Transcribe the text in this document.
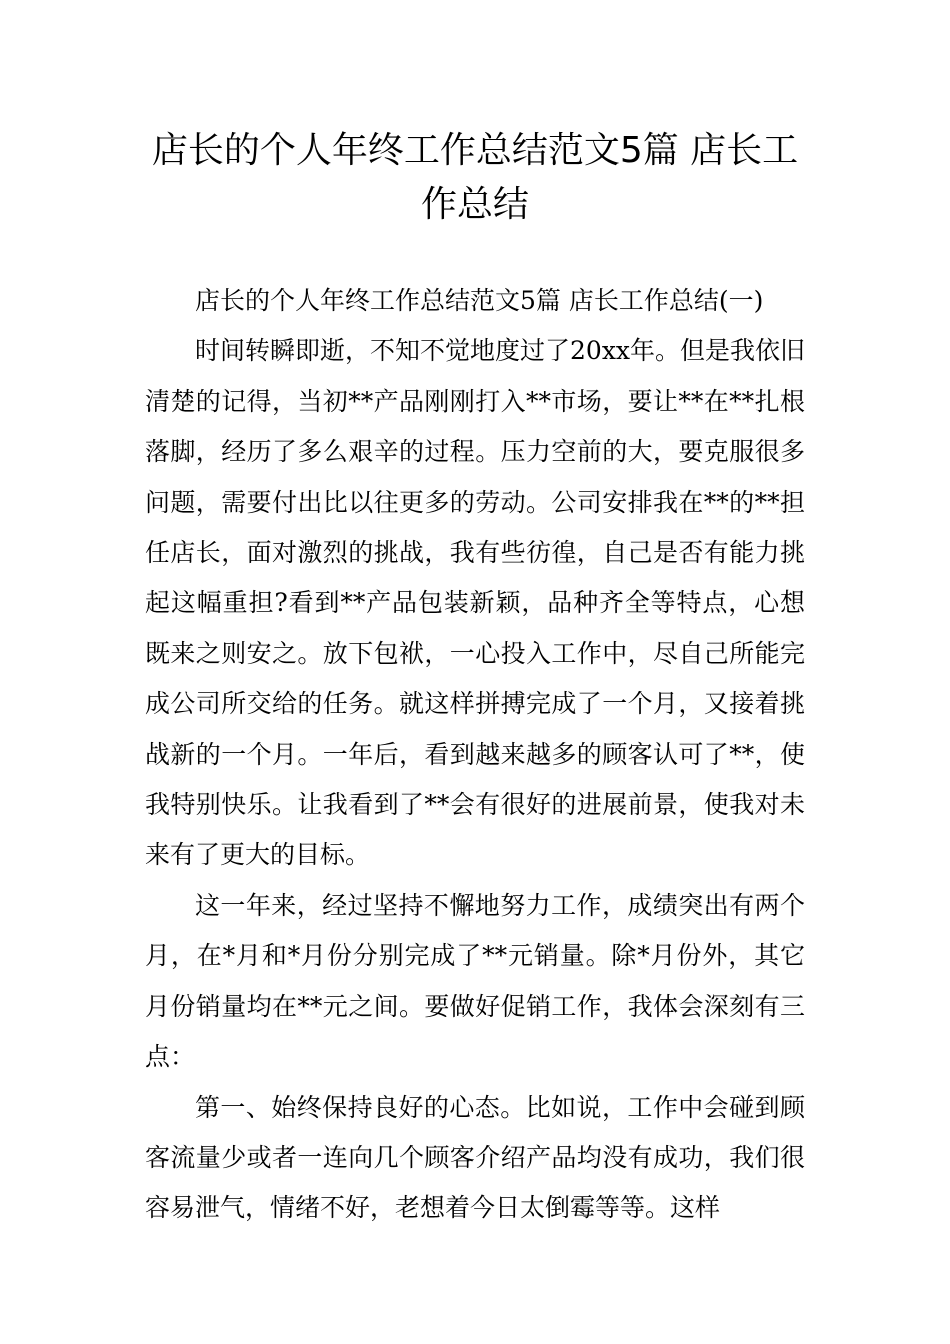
店长的个人年终工作总结范文5篇 店长工作总结

店长的个人年终工作总结范文5篇 店长工作总结(一)

时间转瞬即逝，不知不觉地度过了20xx年。但是我依旧清楚的记得，当初**产品刚刚打入**市场，要让**在**扎根落脚，经历了多么艰辛的过程。压力空前的大，要克服很多问题，需要付出比以往更多的劳动。公司安排我在**的**担任店长，面对激烈的挑战，我有些彷徨，自己是否有能力挑起这幅重担?看到**产品包装新颖，品种齐全等特点，心想既来之则安之。放下包袱，一心投入工作中，尽自己所能完成公司所交给的任务。就这样拼搏完成了一个月，又接着挑战新的一个月。一年后，看到越来越多的顾客认可了**，使我特别快乐。让我看到了**会有很好的进展前景，使我对未来有了更大的目标。

这一年来，经过坚持不懈地努力工作，成绩突出有两个月，在*月和*月份分别完成了**元销量。除*月份外，其它月份销量均在**元之间。要做好促销工作，我体会深刻有三点：

第一、始终保持良好的心态。比如说，工作中会碰到顾客流量少或者一连向几个顾客介绍产品均没有成功，我们很容易泄气，情绪不好，老想着今日太倒霉等等。这样
